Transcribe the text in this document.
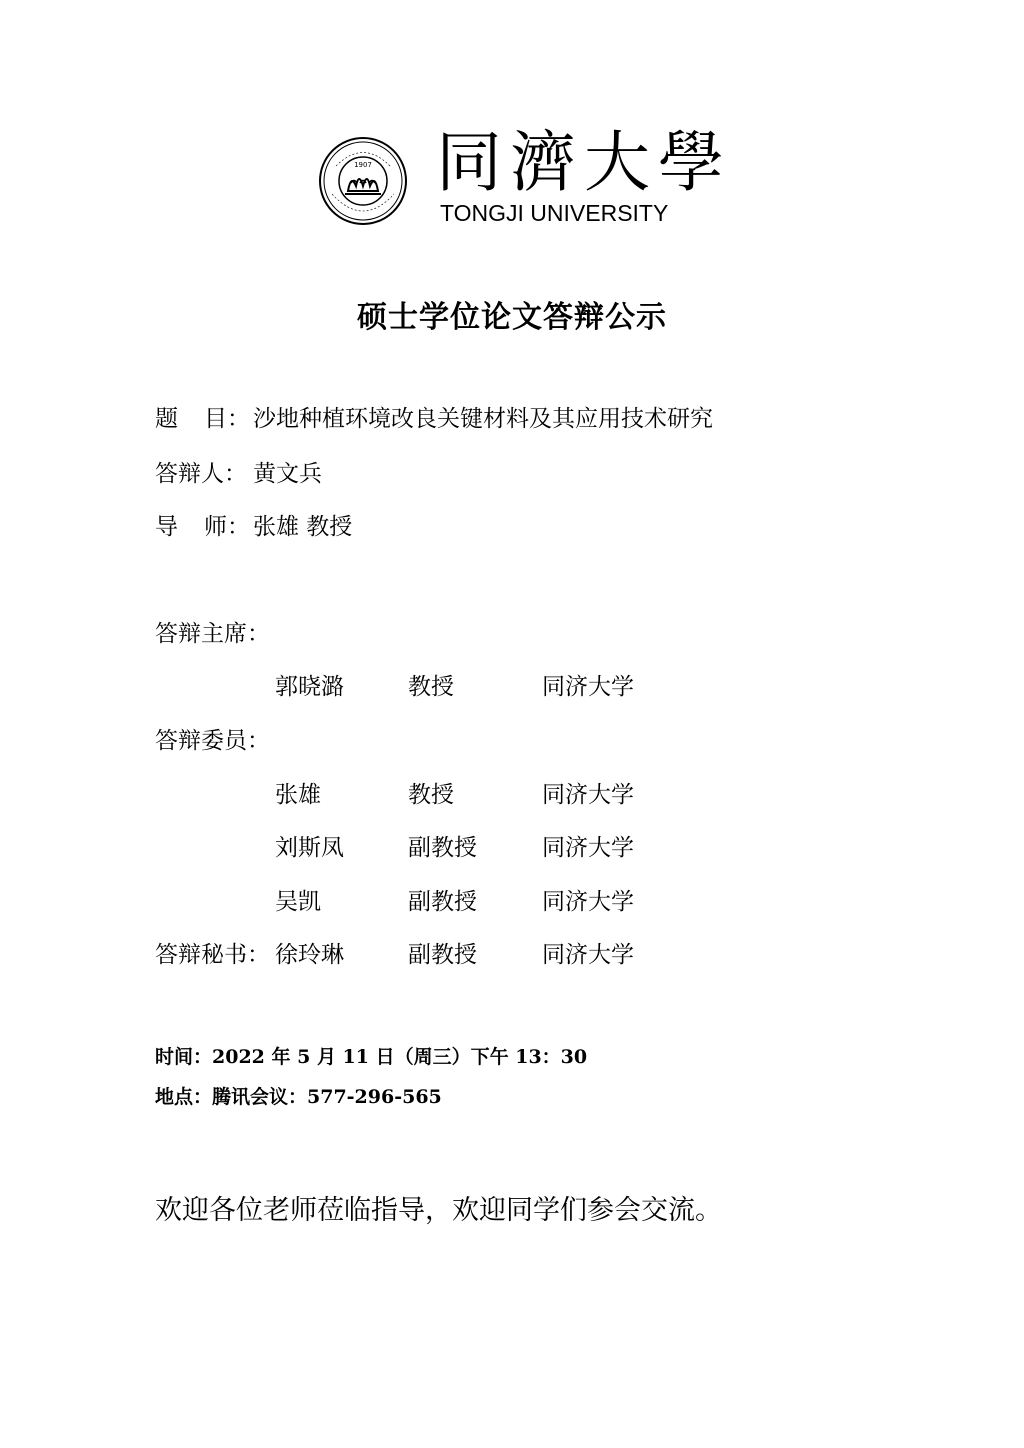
1907 同濟大學
TONGJI UNIVERSITY
硕士学位论文答辩公示
题 目： 沙地种植环境改良关键材料及其应用技术研究
答辩人： 黄文兵
导 师： 张雄 教授
答辩主席：
郭晓潞	教授	同济大学
答辩委员：
张雄	教授	同济大学
刘斯凤	副教授	同济大学
吴凯	副教授	同济大学
答辩秘书： 徐玲琳	副教授	同济大学
时间：2022 年 5 月 11 日（周三）下午 13：30
地点：腾讯会议：577-296-565
欢迎各位老师莅临指导，欢迎同学们参会交流。
